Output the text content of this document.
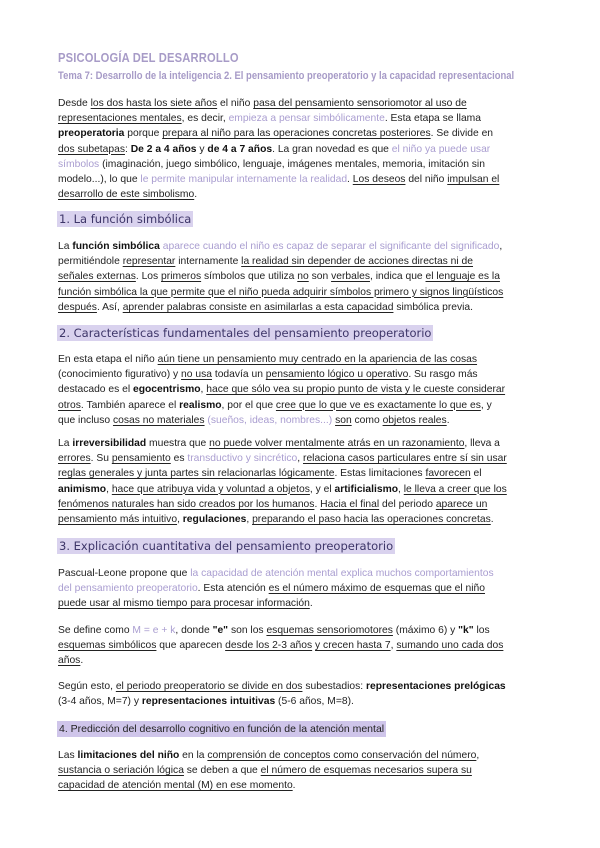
PSICOLOGÍA DEL DESARROLLO
Tema 7: Desarrollo de la inteligencia 2. El pensamiento preoperatorio y la capacidad representacional
Desde los dos hasta los siete años el niño pasa del pensamiento sensoriomotor al uso de
representaciones mentales, es decir, empieza a pensar simbólicamente. Esta etapa se llama
preoperatoria porque prepara al niño para las operaciones concretas posteriores. Se divide en
dos subetapas: De 2 a 4 años y de 4 a 7 años. La gran novedad es que el niño ya puede usar
símbolos (imaginación, juego simbólico, lenguaje, imágenes mentales, memoria, imitación sin
modelo...), lo que le permite manipular internamente la realidad. Los deseos del niño impulsan el
desarrollo de este simbolismo.
1. La función simbólica
La función simbólica aparece cuando el niño es capaz de separar el significante del significado,
permitiéndole representar internamente la realidad sin depender de acciones directas ni de
señales externas. Los primeros símbolos que utiliza no son verbales, indica que el lenguaje es la
función simbólica la que permite que el niño pueda adquirir símbolos primero y signos lingüísticos
después. Así, aprender palabras consiste en asimilarlas a esta capacidad simbólica previa.
2. Características fundamentales del pensamiento preoperatorio
En esta etapa el niño aún tiene un pensamiento muy centrado en la apariencia de las cosas
(conocimiento figurativo) y no usa todavía un pensamiento lógico u operativo. Su rasgo más
destacado es el egocentrismo, hace que sólo vea su propio punto de vista y le cueste considerar
otros. También aparece el realismo, por el que cree que lo que ve es exactamente lo que es, y
que incluso cosas no materiales (sueños, ideas, nombres...) son como objetos reales.
La irreversibilidad muestra que no puede volver mentalmente atrás en un razonamiento, lleva a
errores. Su pensamiento es transductivo y sincrético, relaciona casos particulares entre sí sin usar
reglas generales y junta partes sin relacionarlas lógicamente. Estas limitaciones favorecen el
animismo, hace que atribuya vida y voluntad a objetos, y el artificialismo, le lleva a creer que los
fenómenos naturales han sido creados por los humanos. Hacia el final del periodo aparece un
pensamiento más intuitivo, regulaciones, preparando el paso hacia las operaciones concretas.
3. Explicación cuantitativa del pensamiento preoperatorio
Pascual-Leone propone que la capacidad de atención mental explica muchos comportamientos
del pensamiento preoperatorio. Esta atención es el número máximo de esquemas que el niño
puede usar al mismo tiempo para procesar información.
Se define como M = e + k, donde "e" son los esquemas sensoriomotores (máximo 6) y "k" los
esquemas simbólicos que aparecen desde los 2-3 años y crecen hasta 7, sumando uno cada dos
años.
Según esto, el periodo preoperatorio se divide en dos subestadios: representaciones prelógicas
(3-4 años, M=7) y representaciones intuitivas (5-6 años, M=8).
4. Predicción del desarrollo cognitivo en función de la atención mental
Las limitaciones del niño en la comprensión de conceptos como conservación del número,
sustancia o seriación lógica se deben a que el número de esquemas necesarios supera su
capacidad de atención mental (M) en ese momento.
